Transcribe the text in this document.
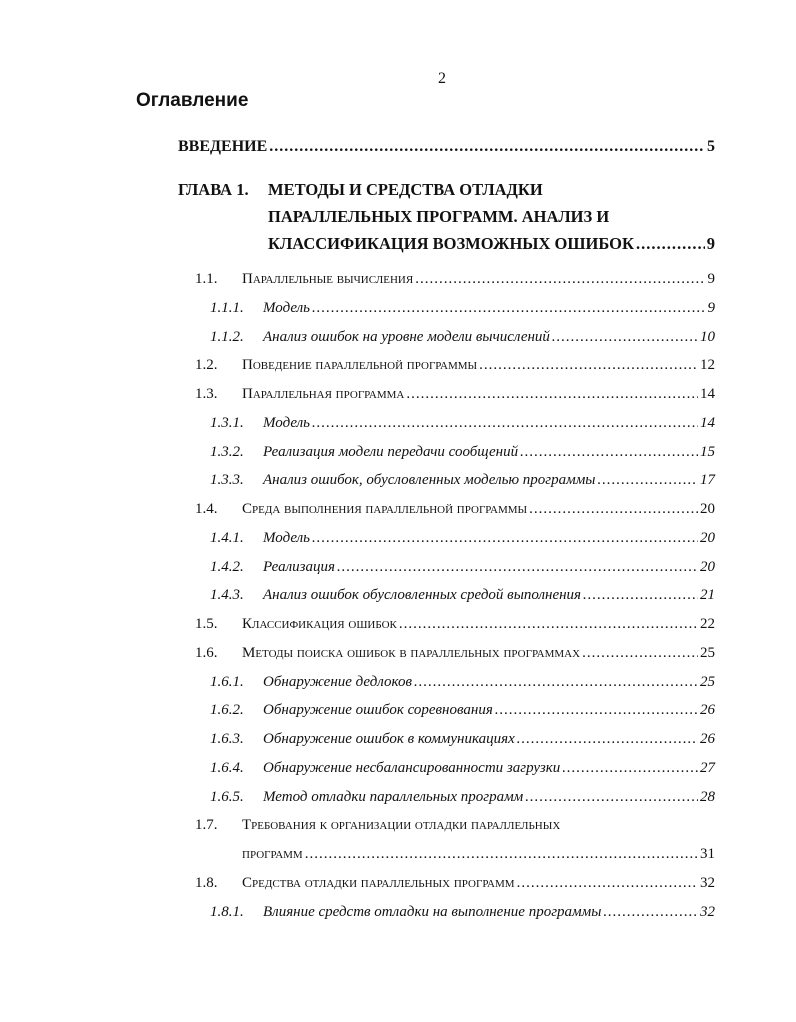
2
Оглавление
ВВЕДЕНИЕ .....	5
ГЛАВА 1. МЕТОДЫ И СРЕДСТВА ОТЛАДКИ
ПАРАЛЛЕЛЬНЫХ ПРОГРАММ. АНАЛИЗ И
КЛАССИФИКАЦИЯ ВОЗМОЖНЫХ ОШИБОК .....	9
1.1.	Параллельные вычисления .....	9
1.1.1.	Модель .....	9
1.1.2.	Анализ ошибок на уровне модели вычислений .....	10
1.2.	Поведение параллельной программы .....	12
1.3.	Параллельная программа .....	14
1.3.1.	Модель .....	14
1.3.2.	Реализация модели передачи сообщений .....	15
1.3.3.	Анализ ошибок, обусловленных моделью программы .....	17
1.4.	Среда выполнения параллельной программы .....	20
1.4.1.	Модель .....	20
1.4.2.	Реализация .....	20
1.4.3.	Анализ ошибок обусловленных средой выполнения .....	21
1.5.	Классификация ошибок .....	22
1.6.	Методы поиска ошибок в параллельных программах .....	25
1.6.1.	Обнаружение дедлоков .....	25
1.6.2.	Обнаружение ошибок соревнования .....	26
1.6.3.	Обнаружение ошибок в коммуникациях .....	26
1.6.4.	Обнаружение несбалансированности загрузки .....	27
1.6.5.	Метод отладки параллельных программ .....	28
1.7.	Требования к организации отладки параллельных
программ .....	31
1.8.	Средства отладки параллельных программ .....	32
1.8.1.	Влияние средств отладки на выполнение программы .....	32
